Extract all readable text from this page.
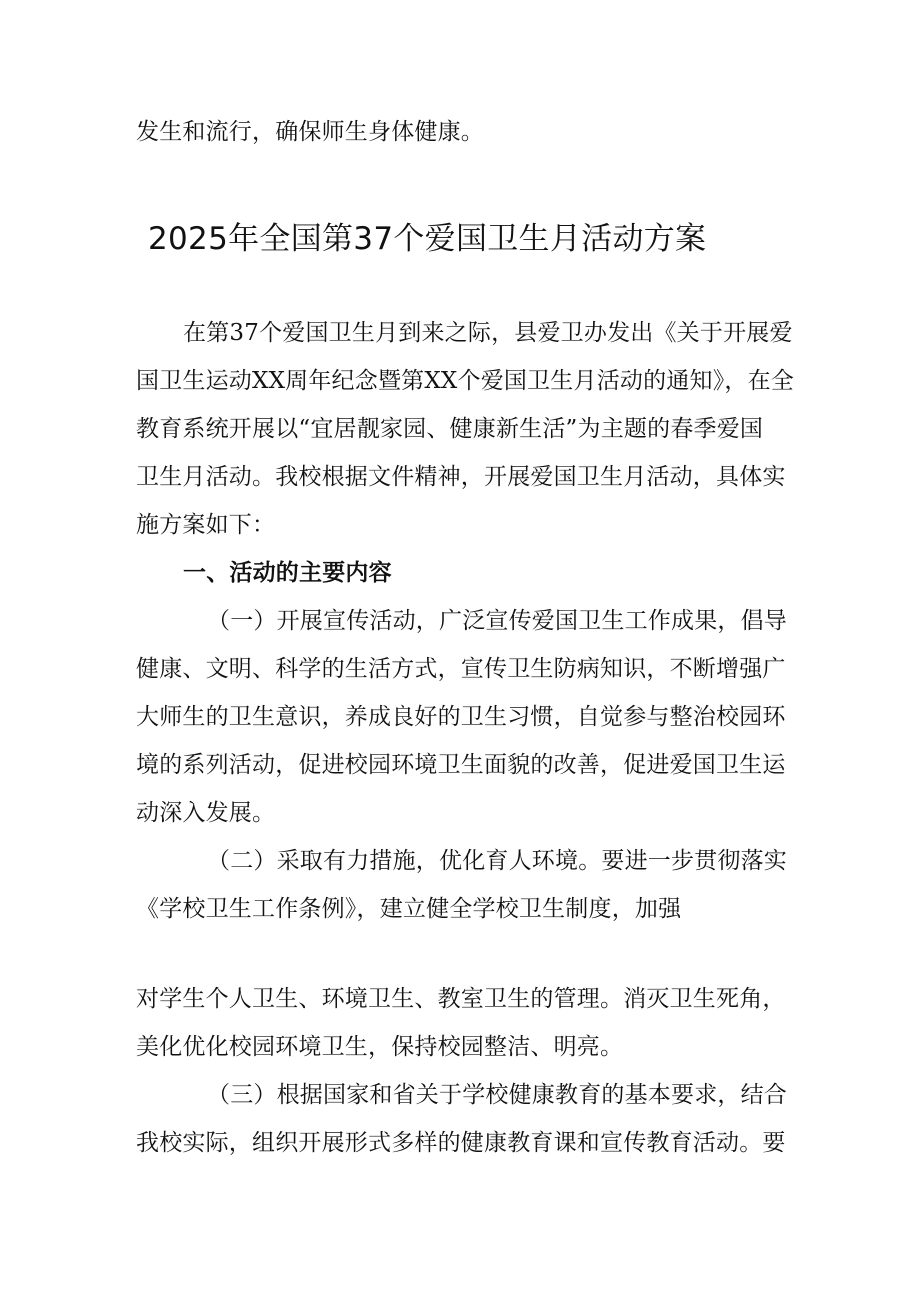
发生和流行，确保师生身体健康。
2025年全国第37个爱国卫生月活动方案
在第37个爱国卫生月到来之际，县爱卫办发出《关于开展爱
国卫生运动XX周年纪念暨第XX个爱国卫生月活动的通知》，在全
教育系统开展以“宜居靓家园、健康新生活”为主题的春季爱国
卫生月活动。我校根据文件精神，开展爱国卫生月活动，具体实
施方案如下：
一、活动的主要内容
（一）开展宣传活动，广泛宣传爱国卫生工作成果，倡导
健康、文明、科学的生活方式，宣传卫生防病知识，不断增强广
大师生的卫生意识，养成良好的卫生习惯，自觉参与整治校园环
境的系列活动，促进校园环境卫生面貌的改善，促进爱国卫生运
动深入发展。
（二）采取有力措施，优化育人环境。要进一步贯彻落实
《学校卫生工作条例》，建立健全学校卫生制度，加强
对学生个人卫生、环境卫生、教室卫生的管理。消灭卫生死角，
美化优化校园环境卫生，保持校园整洁、明亮。
（三）根据国家和省关于学校健康教育的基本要求，结合
我校实际，组织开展形式多样的健康教育课和宣传教育活动。要
